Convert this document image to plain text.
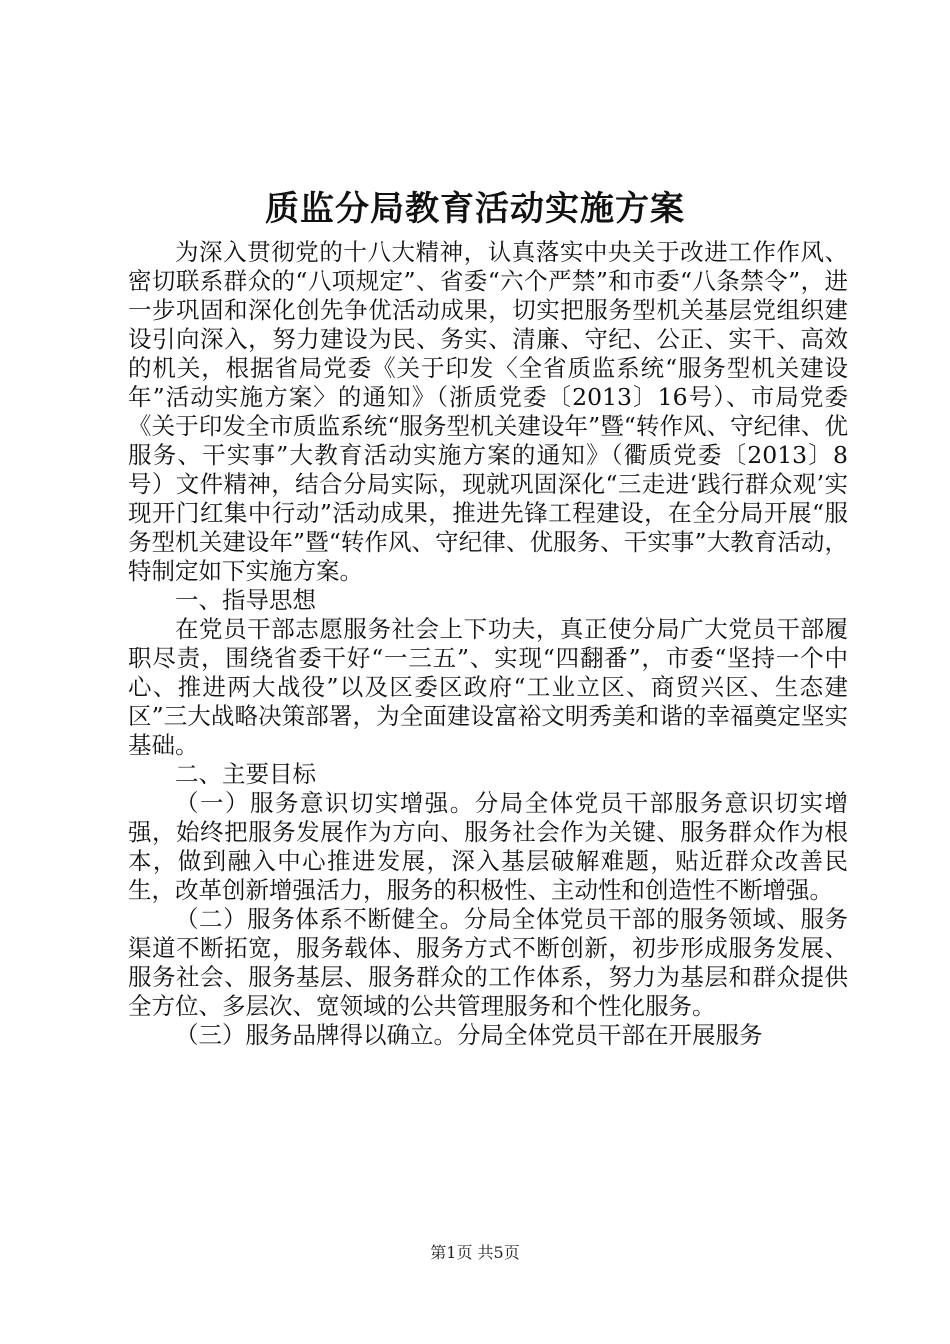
质监分局教育活动实施方案

为深入贯彻党的十八大精神，认真落实中央关于改进工作作风、密切联系群众的“八项规定”、省委“六个严禁”和市委“八条禁令”，进一步巩固和深化创先争优活动成果，切实把服务型机关基层党组织建设引向深入，努力建设为民、务实、清廉、守纪、公正、实干、高效的机关，根据省局党委《关于印发〈全省质监系统“服务型机关建设年”活动实施方案〉的通知》（浙质党委〔2013〕16号）、市局党委《关于印发全市质监系统“服务型机关建设年”暨“转作风、守纪律、优服务、干实事”大教育活动实施方案的通知》（衢质党委〔2013〕8号）文件精神，结合分局实际，现就巩固深化“三走进‘践行群众观’实现开门红集中行动”活动成果，推进先锋工程建设，在全分局开展“服务型机关建设年”暨“转作风、守纪律、优服务、干实事”大教育活动，特制定如下实施方案。

一、指导思想

在党员干部志愿服务社会上下功夫，真正使分局广大党员干部履职尽责，围绕省委干好“一三五”、实现“四翻番”，市委“坚持一个中心、推进两大战役”以及区委区政府“工业立区、商贸兴区、生态建区”三大战略决策部署，为全面建设富裕文明秀美和谐的幸福奠定坚实基础。

二、主要目标

（一）服务意识切实增强。分局全体党员干部服务意识切实增强，始终把服务发展作为方向、服务社会作为关键、服务群众作为根本，做到融入中心推进发展，深入基层破解难题，贴近群众改善民生，改革创新增强活力，服务的积极性、主动性和创造性不断增强。

（二）服务体系不断健全。分局全体党员干部的服务领域、服务渠道不断拓宽，服务载体、服务方式不断创新，初步形成服务发展、服务社会、服务基层、服务群众的工作体系，努力为基层和群众提供全方位、多层次、宽领域的公共管理服务和个性化服务。

（三）服务品牌得以确立。分局全体党员干部在开展服务

第1页 共5页
